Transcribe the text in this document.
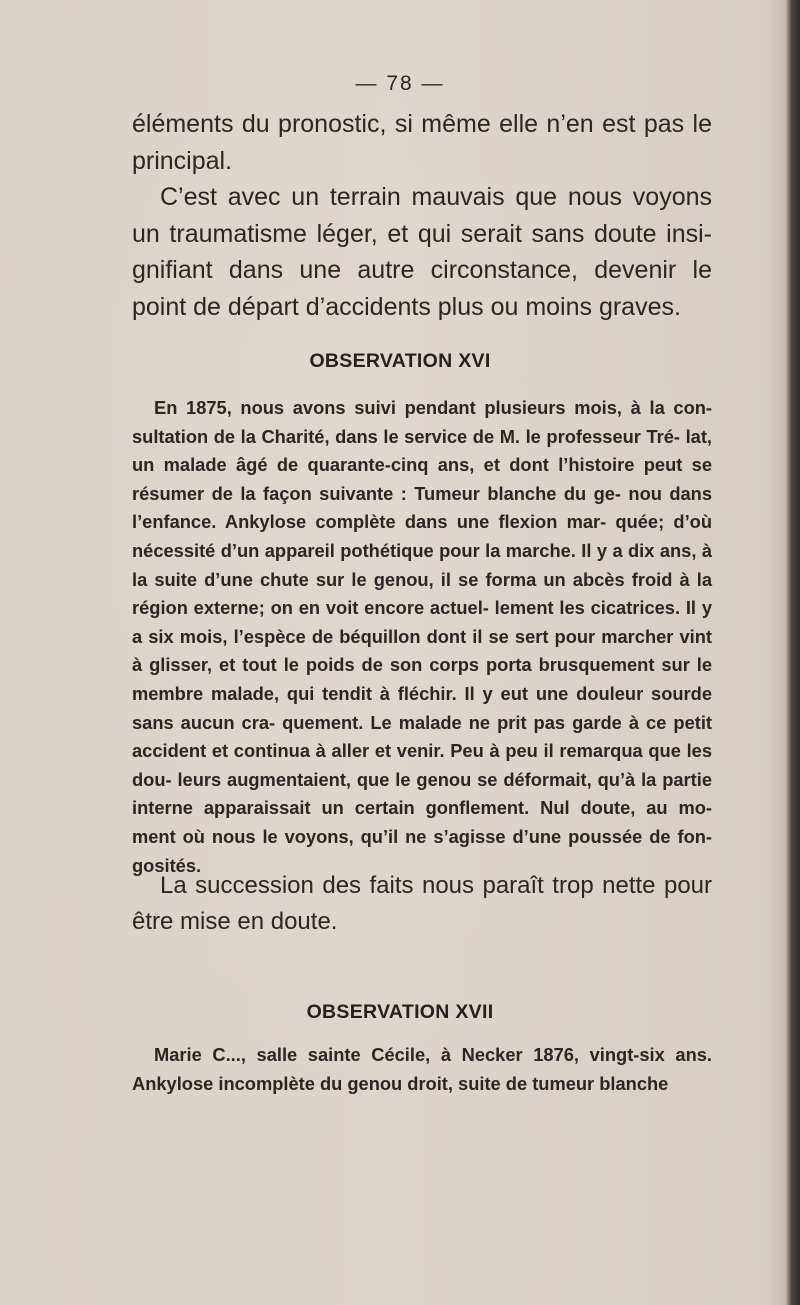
— 78 —

éléments du pronostic, si même elle n’en est pas le principal.

C’est avec un terrain mauvais que nous voyons un traumatisme léger, et qui serait sans doute insi- gnifiant dans une autre circonstance, devenir le point de départ d’accidents plus ou moins graves.

OBSERVATION XVI

En 1875, nous avons suivi pendant plusieurs mois, à la con- sultation de la Charité, dans le service de M. le professeur Tré- lat, un malade âgé de quarante-cinq ans, et dont l’histoire peut se résumer de la façon suivante : Tumeur blanche du ge- nou dans l’enfance. Ankylose complète dans une flexion mar- quée; d’où nécessité d’un appareil pothétique pour la marche. Il y a dix ans, à la suite d’une chute sur le genou, il se forma un abcès froid à la région externe; on en voit encore actuel- lement les cicatrices. Il y a six mois, l’espèce de béquillon dont il se sert pour marcher vint à glisser, et tout le poids de son corps porta brusquement sur le membre malade, qui tendit à fléchir. Il y eut une douleur sourde sans aucun cra- quement. Le malade ne prit pas garde à ce petit accident et continua à aller et venir. Peu à peu il remarqua que les dou- leurs augmentaient, que le genou se déformait, qu’à la partie interne apparaissait un certain gonflement. Nul doute, au mo- ment où nous le voyons, qu’il ne s’agisse d’une poussée de fon- gosités.

La succession des faits nous paraît trop nette pour être mise en doute.

OBSERVATION XVII

Marie C..., salle sainte Cécile, à Necker 1876, vingt-six ans. Ankylose incomplète du genou droit, suite de tumeur blanche
